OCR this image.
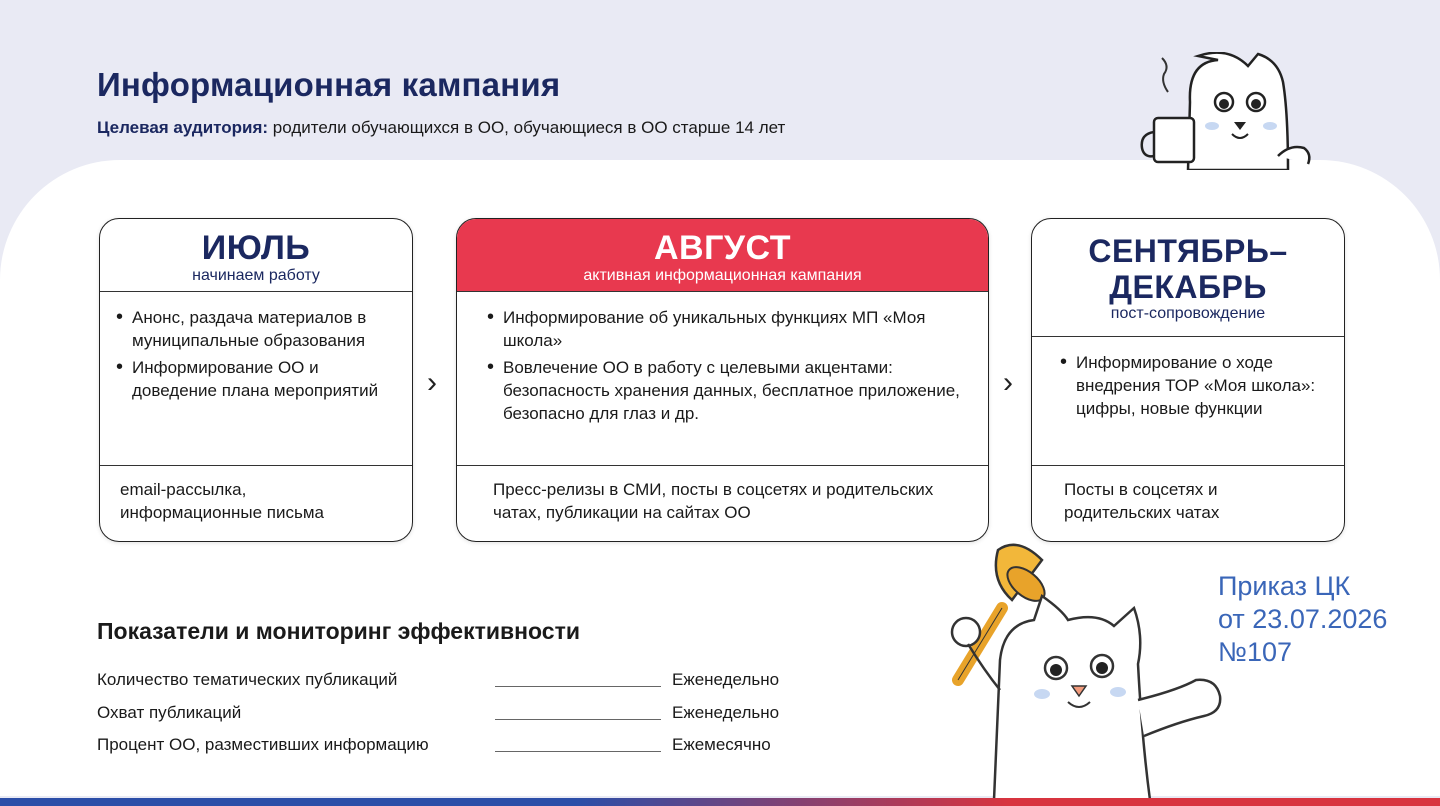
Информационная кампания
Целевая аудитория: родители обучающихся в ОО, обучающиеся в ОО старше 14 лет
ИЮЛЬ
начинаем работу
• Анонс, раздача материалов в муниципальные образования
• Информирование ОО и доведение плана мероприятий
email-рассылка, информационные письма
›
АВГУСТ
активная информационная кампания
• Информирование об уникальных функциях МП «Моя школа»
• Вовлечение ОО в работу с целевыми акцентами: безопасность хранения данных, бесплатное приложение, безопасно для глаз и др.
Пресс-релизы в СМИ, посты в соцсетях и родительских чатах, публикации на сайтах ОО
›
СЕНТЯБРЬ–ДЕКАБРЬ
пост-сопровождение
• Информирование о ходе внедрения ТОР «Моя школа»: цифры, новые функции
Посты в соцсетях и родительских чатах
Показатели и мониторинг эффективности
Количество тематических публикаций	Еженедельно
Охват публикаций	Еженедельно
Процент ОО, разместивших информацию	Ежемесячно
Приказ ЦК
от 23.07.2026
№107
